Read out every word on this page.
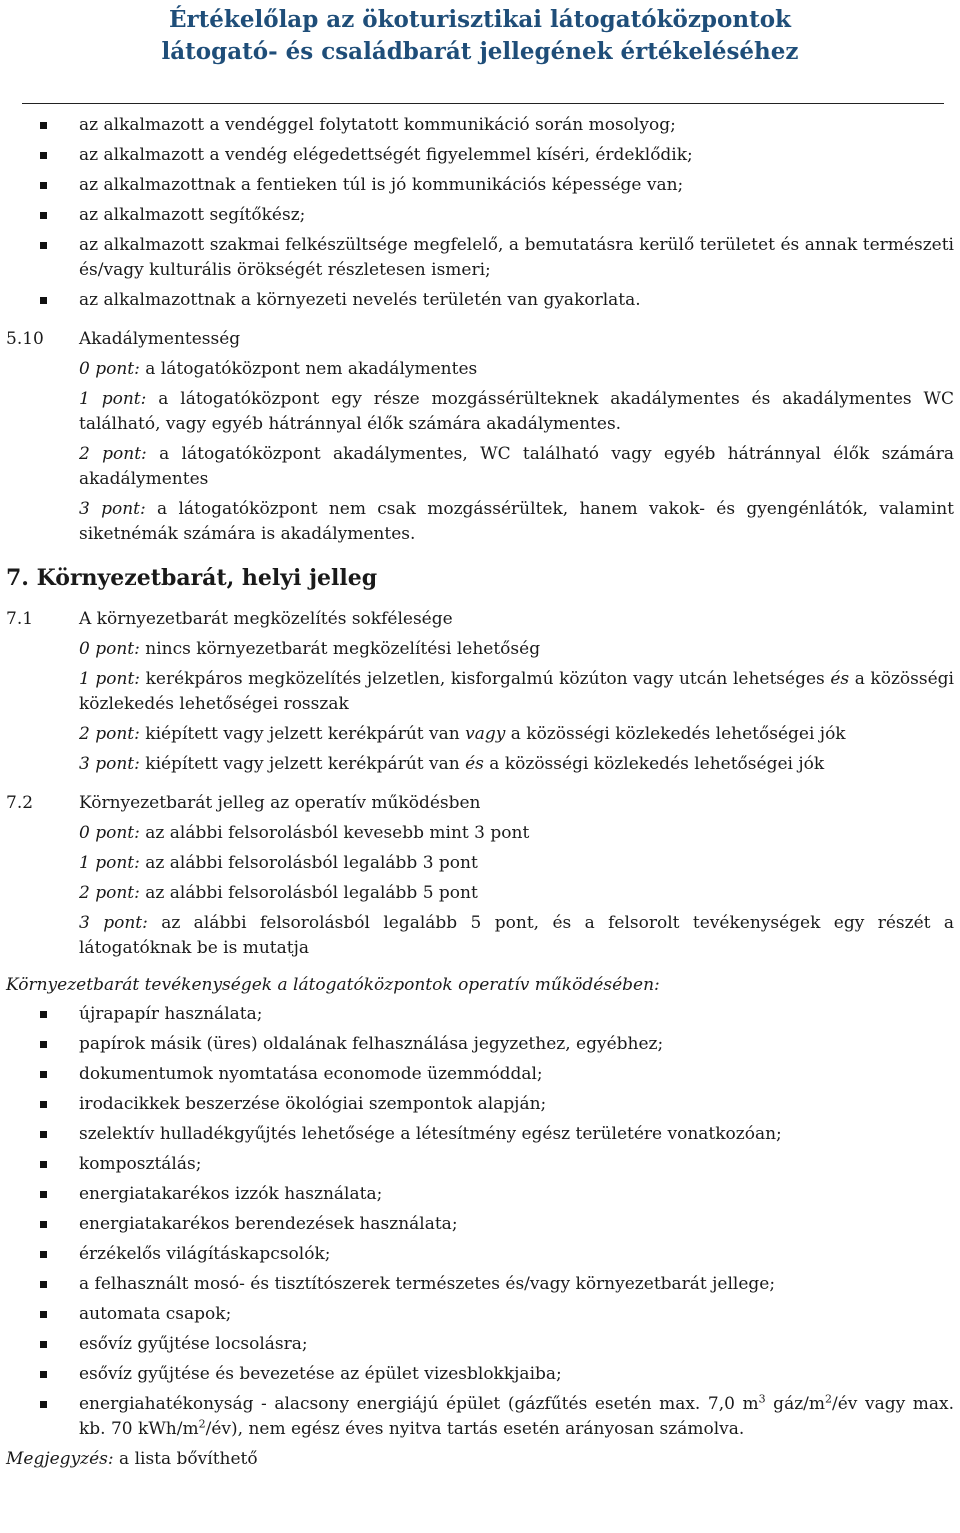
Értékelőlap az ökoturisztikai látogatóközpontok
látogató- és családbarát jellegének értékeléséhez
az alkalmazott a vendéggel folytatott kommunikáció során mosolyog;
az alkalmazott a vendég elégedettségét figyelemmel kíséri, érdeklődik;
az alkalmazottnak a fentieken túl is jó kommunikációs képessége van;
az alkalmazott segítőkész;
az alkalmazott szakmai felkészültsége megfelelő, a bemutatásra kerülő területet és annak természeti és/vagy kulturális örökségét részletesen ismeri;
az alkalmazottnak a környezeti nevelés területén van gyakorlata.
5.10	Akadálymentesség
0 pont: a látogatóközpont nem akadálymentes
1 pont: a látogatóközpont egy része mozgássérülteknek akadálymentes és akadálymentes WC található, vagy egyéb hátránnyal élők számára akadálymentes.
2 pont: a látogatóközpont akadálymentes, WC található vagy egyéb hátránnyal élők számára akadálymentes
3 pont: a látogatóközpont nem csak mozgássérültek, hanem vakok- és gyengénlátók, valamint siketnémák számára is akadálymentes.
7. Környezetbarát, helyi jelleg
7.1	A környezetbarát megközelítés sokfélesége
0 pont: nincs környezetbarát megközelítési lehetőség
1 pont: kerékpáros megközelítés jelzetlen, kisforgalmú közúton vagy utcán lehetséges és a közösségi közlekedés lehetőségei rosszak
2 pont: kiépített vagy jelzett kerékpárút van vagy a közösségi közlekedés lehetőségei jók
3 pont: kiépített vagy jelzett kerékpárút van és a közösségi közlekedés lehetőségei jók
7.2	Környezetbarát jelleg az operatív működésben
0 pont: az alábbi felsorolásból kevesebb mint 3 pont
1 pont: az alábbi felsorolásból legalább 3 pont
2 pont: az alábbi felsorolásból legalább 5 pont
3 pont: az alábbi felsorolásból legalább 5 pont, és a felsorolt tevékenységek egy részét a látogatóknak be is mutatja
Környezetbarát tevékenységek a látogatóközpontok operatív működésében:
újrapapír használata;
papírok másik (üres) oldalának felhasználása jegyzethez, egyébhez;
dokumentumok nyomtatása economode üzemmóddal;
irodacikkek beszerzése ökológiai szempontok alapján;
szelektív hulladékgyűjtés lehetősége a létesítmény egész területére vonatkozóan;
komposztálás;
energiatakarékos izzók használata;
energiatakarékos berendezések használata;
érzékelős világításkapcsolók;
a felhasznált mosó- és tisztítószerek természetes és/vagy környezetbarát jellege;
automata csapok;
esővíz gyűjtése locsolásra;
esővíz gyűjtése és bevezetése az épület vizesblokkjaiba;
energiahatékonyság - alacsony energiájú épület (gázfűtés esetén max. 7,0 $m^3$ gáz/$m^2/év$ vagy max. kb. 70 kWh/$m^2/év$), nem egész éves nyitva tartás esetén arányosan számolva.
Megjegyzés: a lista bővíthető
